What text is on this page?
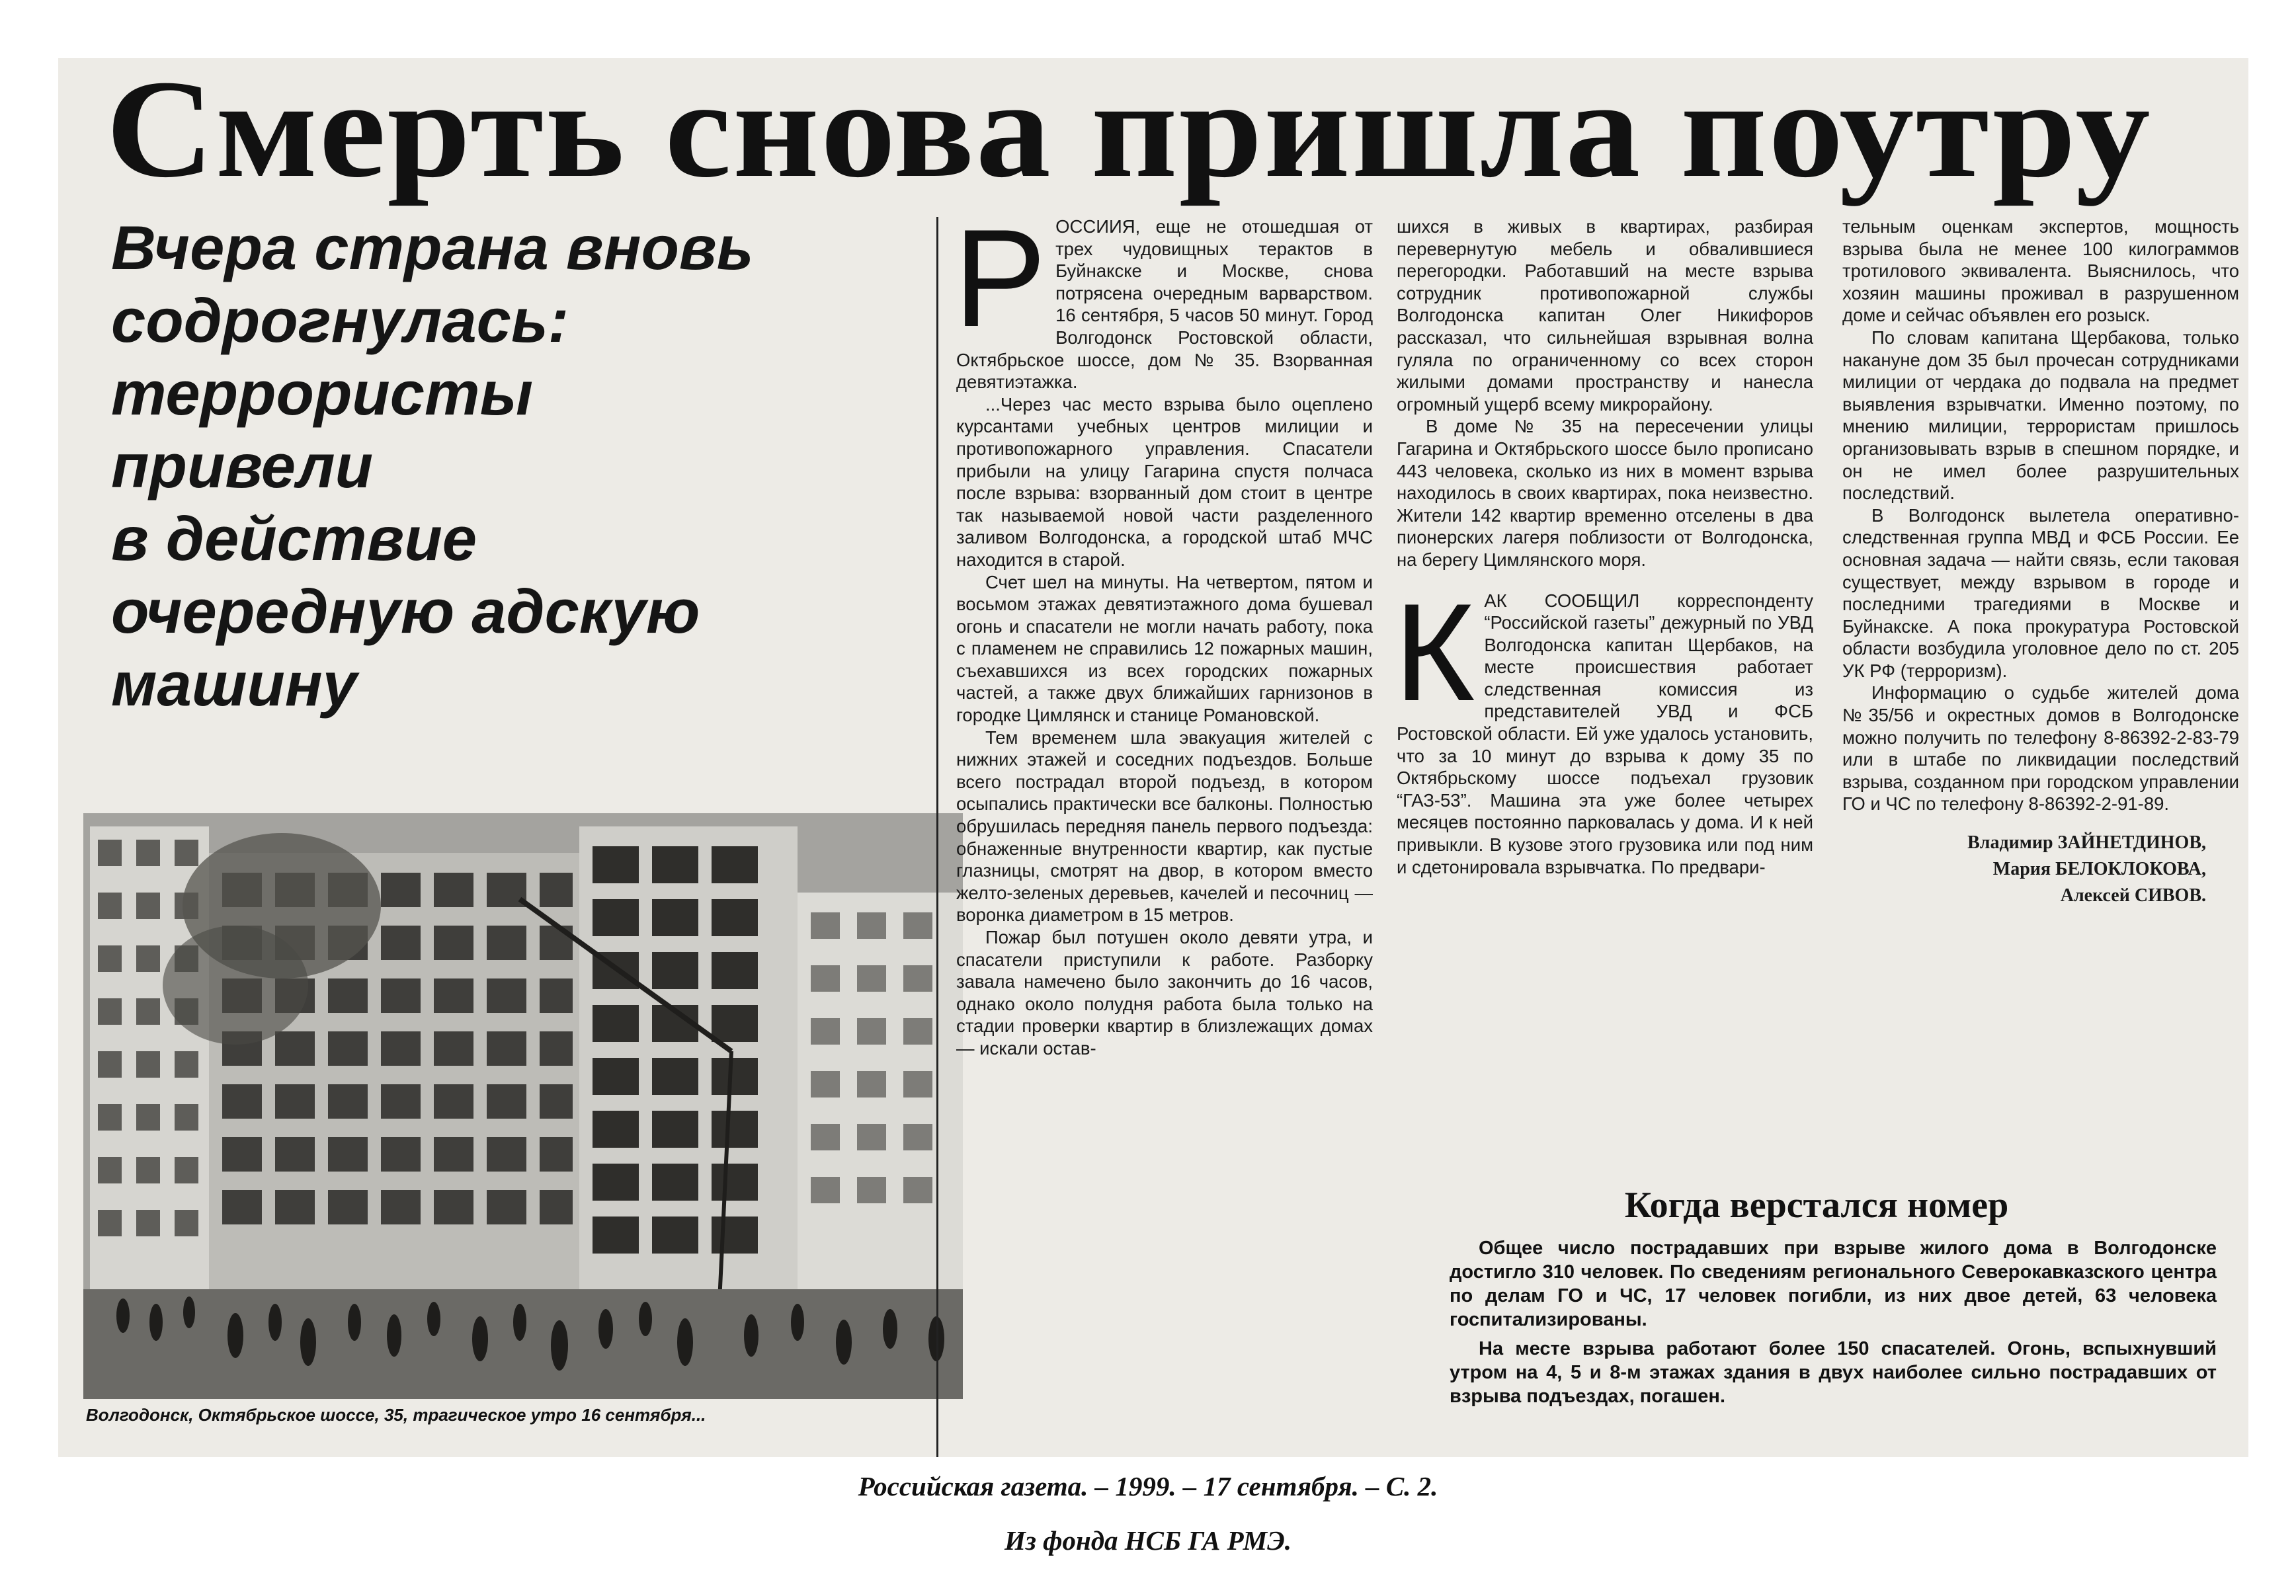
Смерть снова пришла поутру
Вчера страна вновь
содрогнулась:
террористы
привели
в действие
очередную адскую
машину
Волгодонск, Октябрьское шоссе, 35, трагическое утро 16 сентября...

РОССИИЯ, еще не отошедшая от трех чудовищных терактов в Буйнакске и Москве, снова потрясена очередным варварством. 16 сентября, 5 часов 50 минут. Город Волгодонск Ростовской области, Октябрьское шоссе, дом № 35. Взорванная девятиэтажка.

...Через час место взрыва было оцеплено курсантами учебных центров милиции и противопожарного управления. Спасатели прибыли на улицу Гагарина спустя полчаса после взрыва: взорванный дом стоит в центре так называемой новой части разделенного заливом Волгодонска, а городской штаб МЧС находится в старой.

Счет шел на минуты. На четвертом, пятом и восьмом этажах девятиэтажного дома бушевал огонь и спасатели не могли начать работу, пока с пламенем не справились 12 пожарных машин, съехавшихся из всех городских пожарных частей, а также двух ближайших гарнизонов в городке Цимлянск и станице Романовской.

Тем временем шла эвакуация жителей с нижних этажей и соседних подъездов. Больше всего пострадал второй подъезд, в котором осыпались практически все балконы. Полностью обрушилась передняя панель первого подъезда: обнаженные внутренности квартир, как пустые глазницы, смотрят на двор, в котором вместо желто-зеленых деревьев, качелей и песочниц — воронка диаметром в 15 метров.

Пожар был потушен около девяти утра, и спасатели приступили к работе. Разборку завала намечено было закончить до 16 часов, однако около полудня работа была только на стадии проверки квартир в близлежащих домах — искали остав-

шихся в живых в квартирах, разбирая перевернутую мебель и обвалившиеся перегородки. Работавший на месте взрыва сотрудник противопожарной службы Волгодонска капитан Олег Никифоров рассказал, что сильнейшая взрывная волна гуляла по ограниченному со всех сторон жилыми домами пространству и нанесла огромный ущерб всему микрорайону.

В доме № 35 на пересечении улицы Гагарина и Октябрьского шоссе было прописано 443 человека, сколько из них в момент взрыва находилось в своих квартирах, пока неизвестно. Жители 142 квартир временно отселены в два пионерских лагеря поблизости от Волгодонска, на берегу Цимлянского моря.

КАК СООБЩИЛ корреспонденту “Российской газеты” дежурный по УВД Волгодонска капитан Щербаков, на месте происшествия работает следственная комиссия из представителей УВД и ФСБ Ростовской области. Ей уже удалось установить, что за 10 минут до взрыва к дому 35 по Октябрьскому шоссе подъехал грузовик “ГАЗ-53”. Машина эта уже более четырех месяцев постоянно парковалась у дома. И к ней привыкли. В кузове этого грузовика или под ним и сдетонировала взрывчатка. По предвари-

тельным оценкам экспертов, мощность взрыва была не менее 100 килограммов тротилового эквивалента. Выяснилось, что хозяин машины проживал в разрушенном доме и сейчас объявлен его розыск.

По словам капитана Щербакова, только накануне дом 35 был прочесан сотрудниками милиции от чердака до подвала на предмет выявления взрывчатки. Именно поэтому, по мнению милиции, террористам пришлось организовывать взрыв в спешном порядке, и он не имел более разрушительных последствий.

В Волгодонск вылетела оперативно-следственная группа МВД и ФСБ России. Ее основная задача — найти связь, если таковая существует, между взрывом в городе и последними трагедиями в Москве и Буйнакске. А пока прокуратура Ростовской области возбудила уголовное дело по ст. 205 УК РФ (терроризм).

Информацию о судьбе жителей дома №35/56 и окрестных домов в Волгодонске можно получить по телефону 8-86392-2-83-79 или в штабе по ликвидации последствий взрыва, созданном при городском управлении ГО и ЧС по телефону 8-86392-2-91-89.

Владимир ЗАЙНЕТДИНОВ,
Мария БЕЛОКЛОКОВА,
Алексей СИВОВ.
Когда верстался номер

Общее число пострадавших при взрыве жилого дома в Волгодонске достигло 310 человек. По сведениям регионального Северокавказского центра по делам ГО и ЧС, 17 человек погибли, из них двое детей, 63 человека госпитализированы.

На месте взрыва работают более 150 спасателей. Огонь, вспыхнувший утром на 4, 5 и 8-м этажах здания в двух наиболее сильно пострадавших от взрыва подъездах, погашен.

Российская газета. – 1999. – 17 сентября. – С. 2.
Из фонда НСБ ГА РМЭ.
